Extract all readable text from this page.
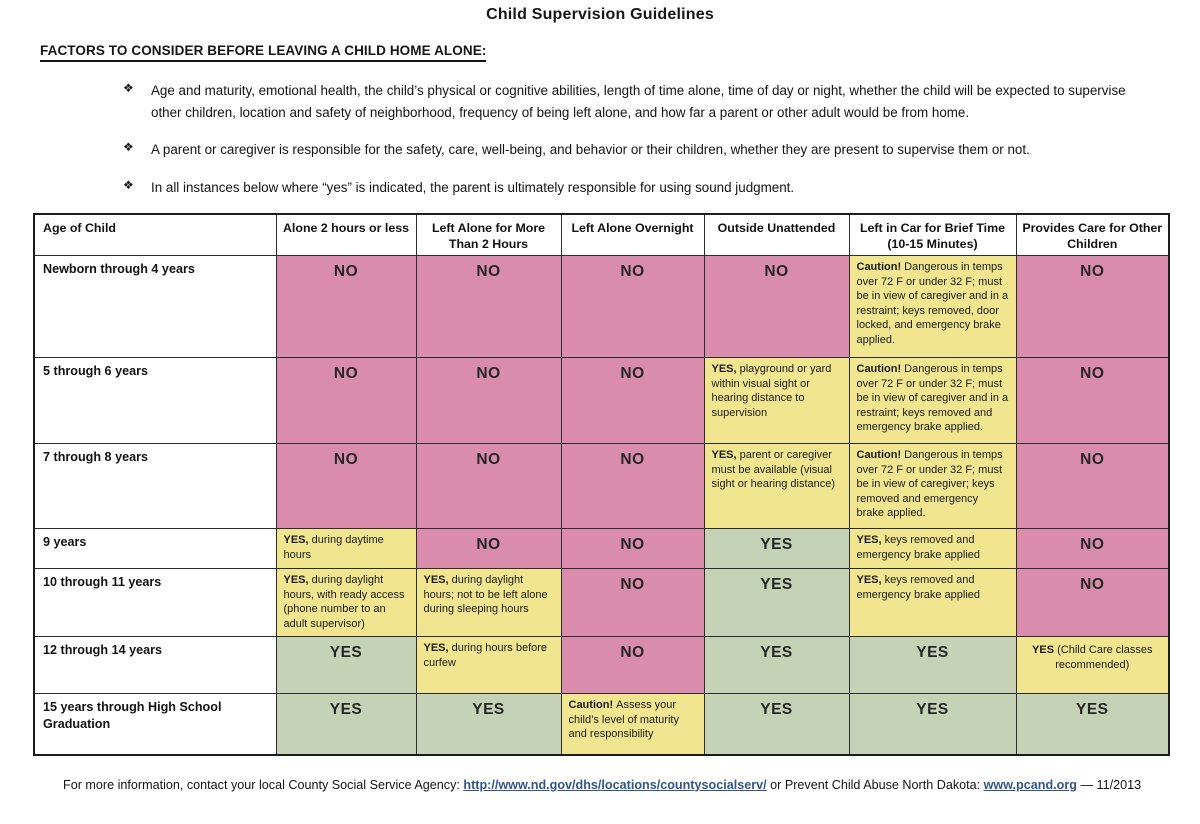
Child Supervision Guidelines
FACTORS TO CONSIDER BEFORE LEAVING A CHILD HOME ALONE:
❖	Age and maturity, emotional health, the child’s physical or cognitive abilities, length of time alone, time of day or night, whether the child will be expected to supervise other children, location and safety of neighborhood, frequency of being left alone, and how far a parent or other adult would be from home.
❖	A parent or caregiver is responsible for the safety, care, well-being, and behavior or their children, whether they are present to supervise them or not.
❖	In all instances below where “yes” is indicated, the parent is ultimately responsible for using sound judgment.
Age of Child	Alone 2 hours or less	Left Alone for More Than 2 Hours	Left Alone Overnight	Outside Unattended	Left in Car for Brief Time (10-15 Minutes)	Provides Care for Other Children
Newborn through 4 years	NO	NO	NO	NO	Caution! Dangerous in temps over 72 F or under 32 F; must be in view of caregiver and in a restraint; keys removed, door locked, and emergency brake applied.	NO
5 through 6 years	NO	NO	NO	YES, playground or yard within visual sight or hearing distance to supervision	Caution! Dangerous in temps over 72 F or under 32 F; must be in view of caregiver and in a restraint; keys removed and emergency brake applied.	NO
7 through 8 years	NO	NO	NO	YES, parent or caregiver must be available (visual sight or hearing distance)	Caution! Dangerous in temps over 72 F or under 32 F; must be in view of caregiver; keys removed and emergency brake applied.	NO
9 years	YES, during daytime hours	NO	NO	YES	YES, keys removed and emergency brake applied	NO
10 through 11 years	YES, during daylight hours, with ready access (phone number to an adult supervisor)	YES, during daylight hours; not to be left alone during sleeping hours	NO	YES	YES, keys removed and emergency brake applied	NO
12 through 14 years	YES	YES, during hours before curfew	NO	YES	YES	YES (Child Care classes recommended)
15 years through High School Graduation	YES	YES	Caution! Assess your child’s level of maturity and responsibility	YES	YES	YES
For more information, contact your local County Social Service Agency: http://www.nd.gov/dhs/locations/countysocialserv/ or Prevent Child Abuse North Dakota: www.pcand.org — 11/2013
